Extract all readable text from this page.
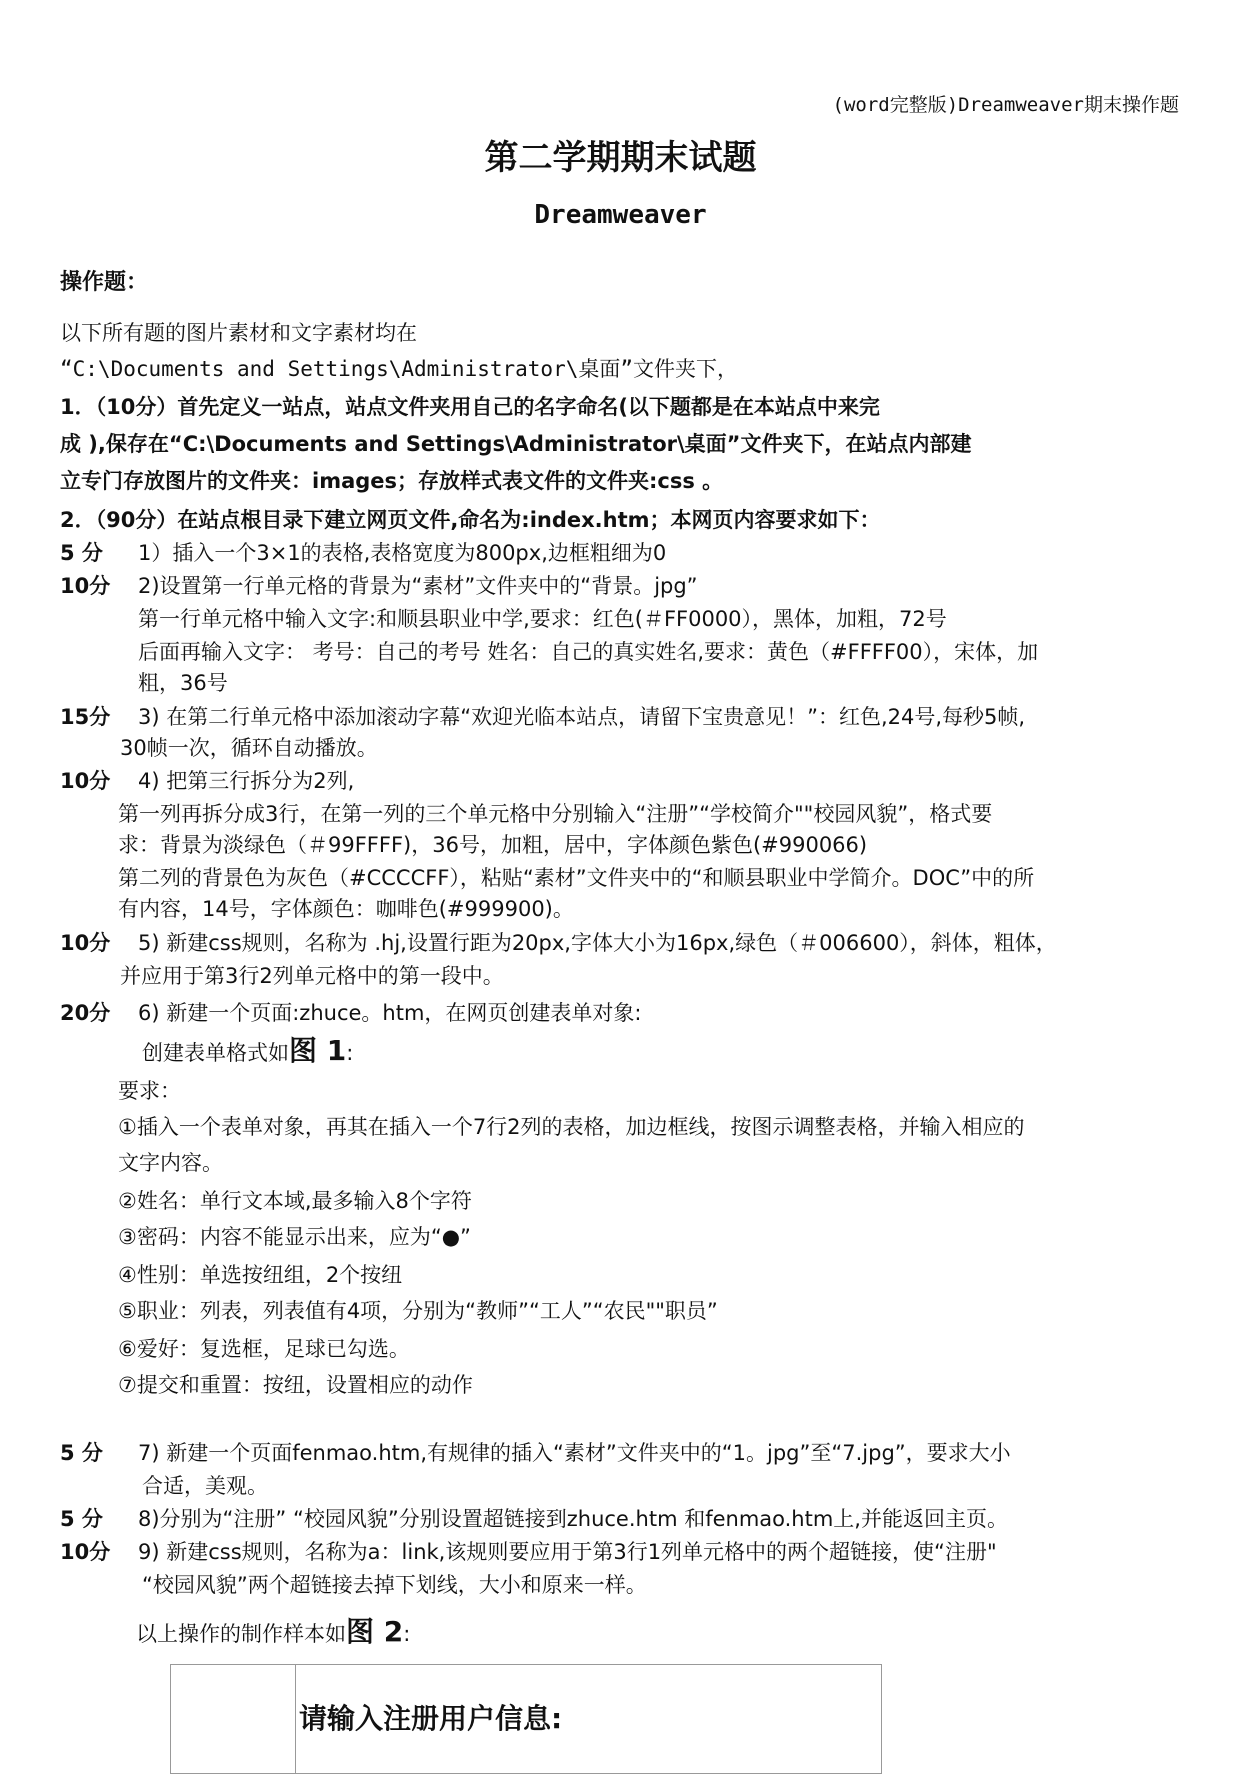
(word完整版)Dreamweaver期末操作题
第二学期期末试题
Dreamweaver
操作题：
以下所有题的图片素材和文字素材均在
“C:\Documents and Settings\Administrator\桌面”文件夹下，
1．（10分）首先定义一站点，站点文件夹用自己的名字命名(以下题都是在本站点中来完
成 ),保存在“C:\Documents and Settings\Administrator\桌面”文件夹下，在站点内部建
立专门存放图片的文件夹：images；存放样式表文件的文件夹:css 。
2．（90分）在站点根目录下建立网页文件,命名为:index.htm；本网页内容要求如下：
5 分 1）插入一个3×1的表格,表格宽度为800px,边框粗细为0
10分 2)设置第一行单元格的背景为“素材”文件夹中的“背景。jpg”
第一行单元格中输入文字:和顺县职业中学,要求：红色(＃FF0000），黑体，加粗，72号
后面再输入文字： 考号：自己的考号 姓名：自己的真实姓名,要求：黄色（#FFFF00），宋体，加
粗，36号
15分 3) 在第二行单元格中添加滚动字幕“欢迎光临本站点，请留下宝贵意见！”：红色,24号,每秒5帧,
30帧一次，循环自动播放。
10分 4) 把第三行拆分为2列,
第一列再拆分成3行，在第一列的三个单元格中分别输入“注册”“学校简介""校园风貌”，格式要
求：背景为淡绿色（＃99FFFF)，36号，加粗，居中，字体颜色紫色(#990066)
第二列的背景色为灰色（#CCCCFF），粘贴“素材”文件夹中的“和顺县职业中学简介。DOC”中的所
有内容，14号，字体颜色：咖啡色(#999900)。
10分 5) 新建css规则，名称为 .hj,设置行距为20px,字体大小为16px,绿色（＃006600），斜体，粗体，
并应用于第3行2列单元格中的第一段中。
20分 6) 新建一个页面:zhuce。htm，在网页创建表单对象:
创建表单格式如图 1:
要求：
①插入一个表单对象，再其在插入一个7行2列的表格，加边框线，按图示调整表格，并输入相应的
文字内容。
②姓名：单行文本域,最多输入8个字符
③密码：内容不能显示出来，应为“●”
④性别：单选按纽组，2个按纽
⑤职业：列表，列表值有4项，分别为“教师”“工人”“农民""职员”
⑥爱好：复选框，足球已勾选。
⑦提交和重置：按纽，设置相应的动作
5 分 7) 新建一个页面fenmao.htm,有规律的插入“素材”文件夹中的“1。jpg”至“7.jpg”，要求大小
合适，美观。
5 分 8)分别为“注册” “校园风貌”分别设置超链接到zhuce.htm 和fenmao.htm上,并能返回主页。
10分 9) 新建css规则，名称为a：link,该规则要应用于第3行1列单元格中的两个超链接，使“注册"
“校园风貌”两个超链接去掉下划线，大小和原来一样。
以上操作的制作样本如图 2:
请输入注册用户信息:
